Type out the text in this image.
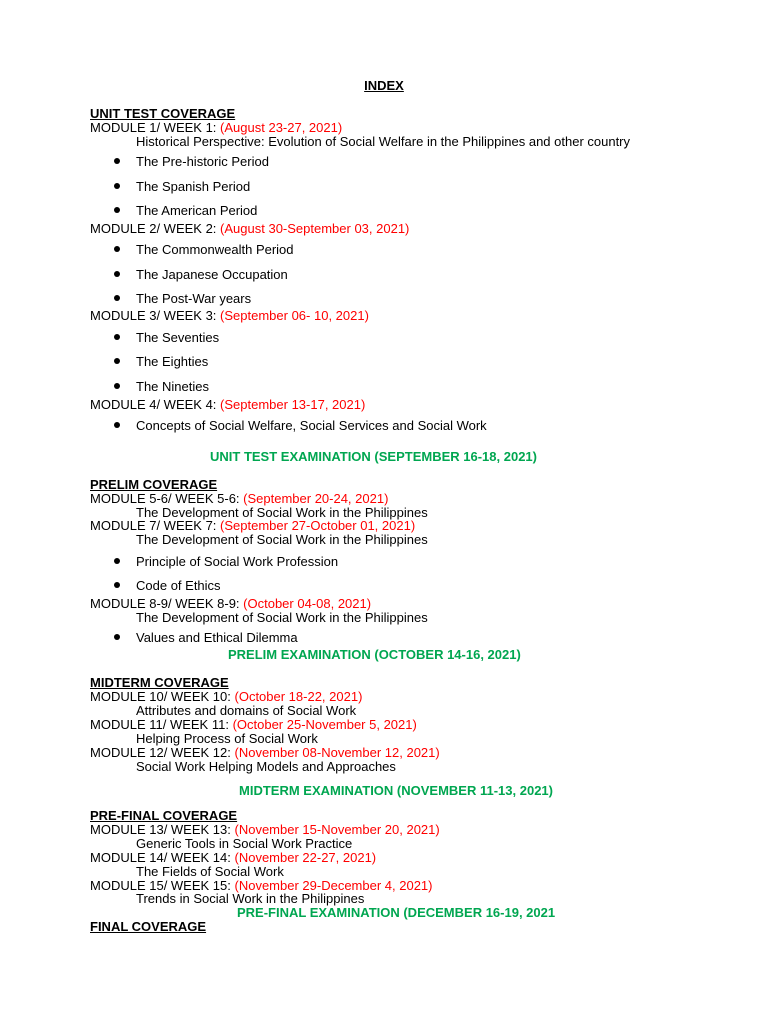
INDEX
UNIT TEST COVERAGE
MODULE 1/ WEEK 1: (August 23-27, 2021)
Historical Perspective: Evolution of Social Welfare in the Philippines and other country
The Pre-historic Period
The Spanish Period
The American Period
MODULE 2/ WEEK 2: (August 30-September 03, 2021)
The Commonwealth Period
The Japanese Occupation
The Post-War years
MODULE 3/ WEEK 3: (September 06- 10, 2021)
The Seventies
The Eighties
The Nineties
MODULE 4/ WEEK 4: (September 13-17, 2021)
Concepts of Social Welfare, Social Services and Social Work
UNIT TEST EXAMINATION (SEPTEMBER 16-18, 2021)
PRELIM COVERAGE
MODULE 5-6/ WEEK 5-6: (September 20-24, 2021)
The Development of Social Work in the Philippines
MODULE 7/ WEEK 7: (September 27-October 01, 2021)
The Development of Social Work in the Philippines
Principle of Social Work Profession
Code of Ethics
MODULE 8-9/ WEEK 8-9: (October 04-08, 2021)
The Development of Social Work in the Philippines
Values and Ethical Dilemma
PRELIM EXAMINATION (OCTOBER 14-16, 2021)
MIDTERM COVERAGE
MODULE 10/ WEEK 10: (October 18-22, 2021)
Attributes and domains of Social Work
MODULE 11/ WEEK 11: (October 25-November 5, 2021)
Helping Process of Social Work
MODULE 12/ WEEK 12: (November 08-November 12, 2021)
Social Work Helping Models and Approaches
MIDTERM EXAMINATION (NOVEMBER 11-13, 2021)
PRE-FINAL COVERAGE
MODULE 13/ WEEK 13: (November 15-November 20, 2021)
Generic Tools in Social Work Practice
MODULE 14/ WEEK 14: (November 22-27, 2021)
The Fields of Social Work
MODULE 15/ WEEK 15: (November 29-December 4, 2021)
Trends in Social Work in the Philippines
PRE-FINAL EXAMINATION (DECEMBER 16-19, 2021
FINAL COVERAGE
